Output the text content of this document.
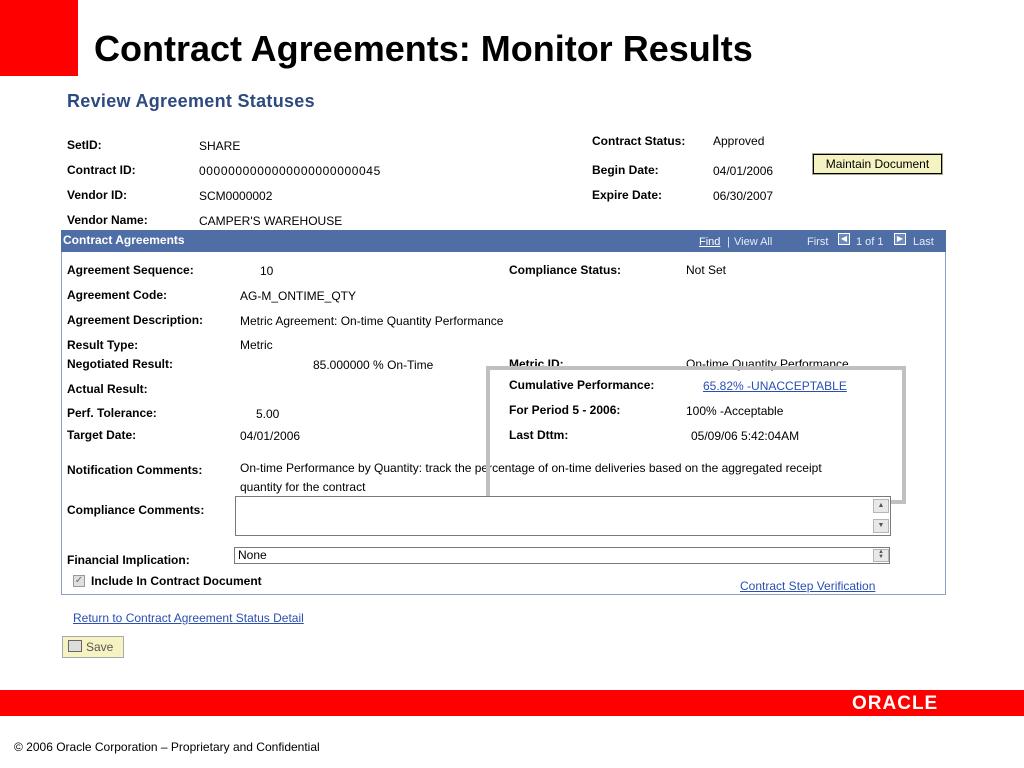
Contract Agreements: Monitor Results
Review Agreement Statuses
SetID:	SHARE
Contract ID:	0000000000000000000000045
Vendor ID:	SCM0000002
Vendor Name:	CAMPER'S WAREHOUSE
Contract Status: Approved
Begin Date:	04/01/2006
Expire Date:	06/30/2007
Maintain Document
Contract Agreements	Find | View All	First	◀ 1 of 1	▶ Last
Agreement Sequence:	10
Agreement Code:	AG-M_ONTIME_QTY
Agreement Description:	Metric Agreement: On-time Quantity Performance
Result Type:	Metric
Negotiated Result:	85.000000 % On-Time
Actual Result:
Perf. Tolerance:	5.00
Target Date:	04/01/2006
Compliance Status:	Not Set
Metric ID:	On-time Quantity Performance
Cumulative Performance:	65.82% -UNACCEPTABLE
For Period 5 - 2006:	100% -Acceptable
Last Dttm:	05/09/06 5:42:04AM
Notification Comments:	On-time Performance by Quantity: track the percentage of on-time deliveries based on the aggregated receipt
quantity for the contract
Compliance Comments:	▲
▼
Financial Implication:	None	▲
▼
✓ Include In Contract Document	Contract Step Verification
Return to Contract Agreement Status Detail
Save
ORACLE
© 2006 Oracle Corporation – Proprietary and Confidential
